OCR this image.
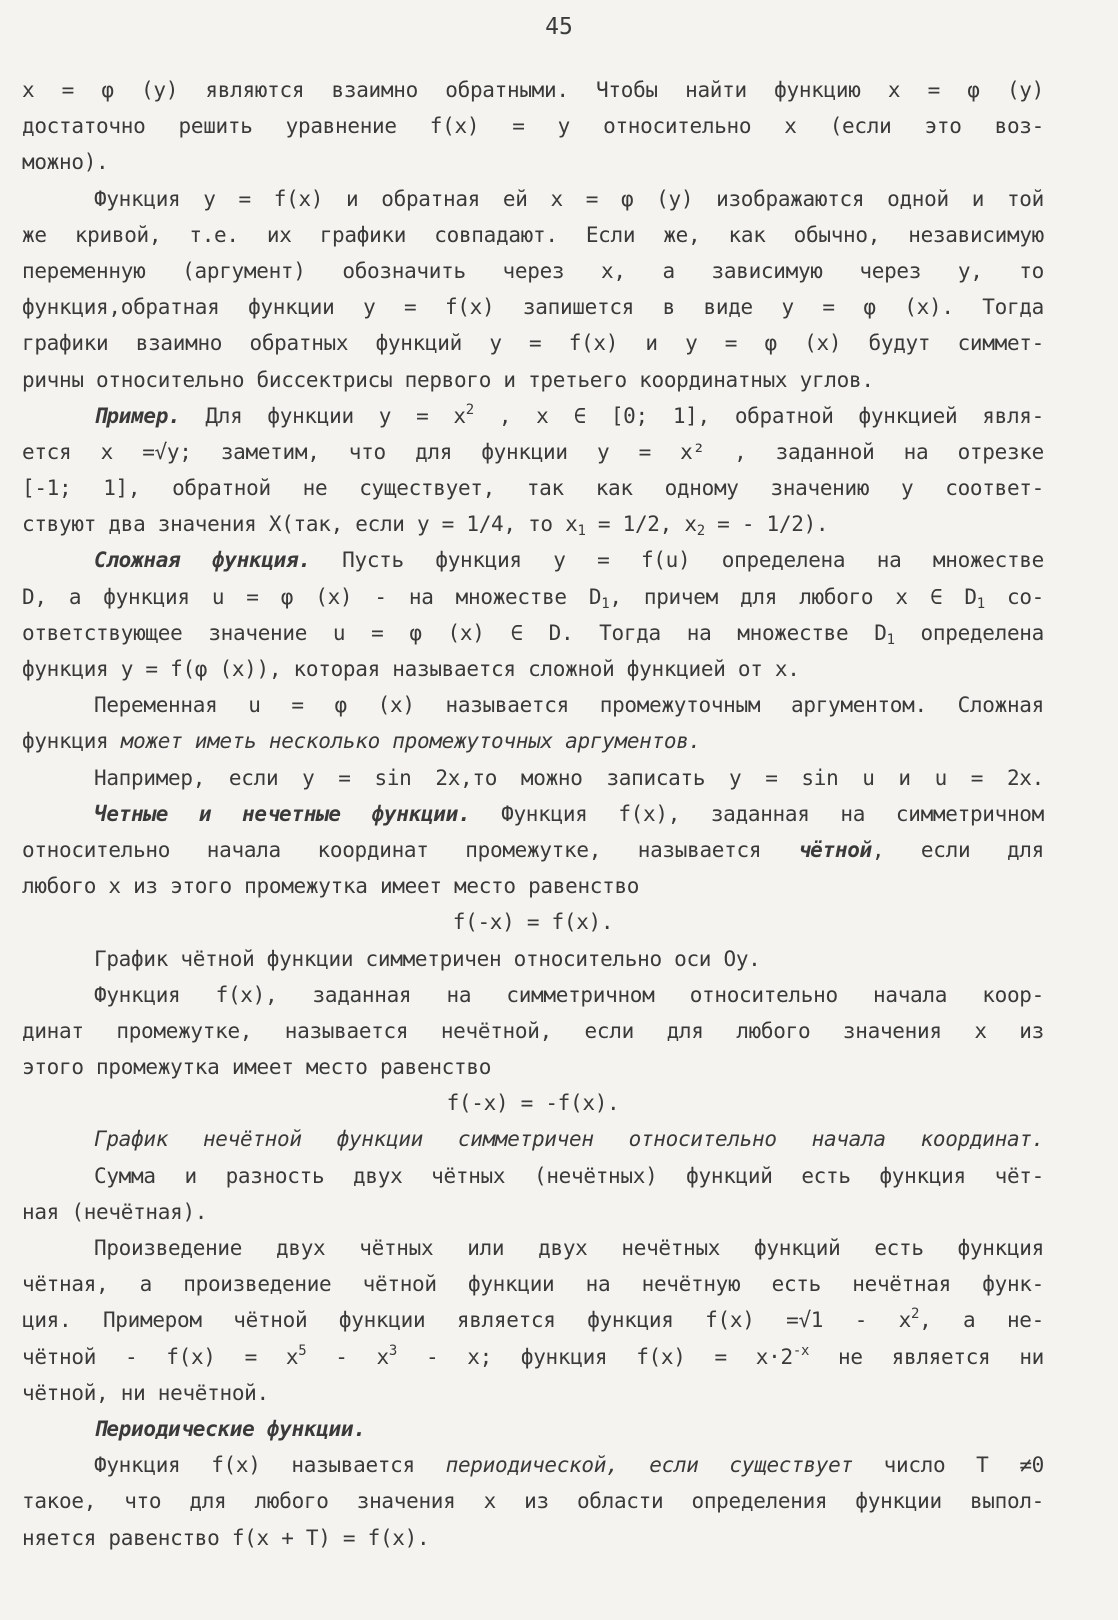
45
x = φ (y) являются взаимно обратными. Чтобы найти функцию x = φ (y)
достаточно решить уравнение f(x) = y относительно x (если это воз-
можно).
Функция y = f(x) и обратная ей x = φ (y) изображаются одной и той
же кривой, т.е. их графики совпадают. Если же, как обычно, независимую
переменную (аргумент) обозначить через x, а зависимую через y, то
функция,обратная функции y = f(x) запишется в виде y = φ (x). Тогда
графики взаимно обратных функций y = f(x) и y = φ (x) будут симмет-
ричны относительно биссектрисы первого и третьего координатных углов.
Пример. Для функции $y = x^2$ , x ∈ [0; 1], обратной функцией явля-
ется x =√y; заметим, что для функции y = x² , заданной на отрезке
[-1; 1], обратной не существует, так как одному значению y соответ-
ствуют два значения X(так, если y = 1/4, то $x_1 = 1/2$, $x_2$ = - 1/2).
Сложная функция. Пусть функция y = f(u) определена на множестве
D, а функция u = φ (x) - на множестве $D_1$, причем для любого x ∈ $D_1$ со-
ответствующее значение u = φ (x) ∈ D. Тогда на множестве $D_1$ определена
функция y = f(φ (x)), которая называется сложной функцией от x.
Переменная u = φ (x) называется промежуточным аргументом. Сложная
функция может иметь несколько промежуточных аргументов.
Например, если y = sin 2x,то можно записать y = sin u и u = 2x.
Четные и нечетные функции. Функция f(x), заданная на симметричном
относительно начала координат промежутке, называется чётной, если для
любого x из этого промежутка имеет место равенство
f(-x) = f(x).
График чётной функции симметричен относительно оси Oy.
Функция f(x), заданная на симметричном относительно начала коор-
динат промежутке, называется нечётной, если для любого значения x из
этого промежутка имеет место равенство
f(-x) = -f(x).
График нечётной функции симметричен относительно начала координат.
Сумма и разность двух чётных (нечётных) функций есть функция чёт-
ная (нечётная).
Произведение двух чётных или двух нечётных функций есть функция
чётная, а произведение чётной функции на нечётную есть нечётная функ-
ция. Примером чётной функции является функция $f(x) =√1 - x^2$, а не-
чётной - $f(x) = x^5 - x^3 - x$; функция $f(x) = x\cdot 2^{-x}$ не является ни
чётной, ни нечётной.
Периодические функции.
Функция f(x) называется периодической, если существует число T ≠0
такое, что для любого значения x из области определения функции выпол-
няется равенство f(x + T) = f(x).
